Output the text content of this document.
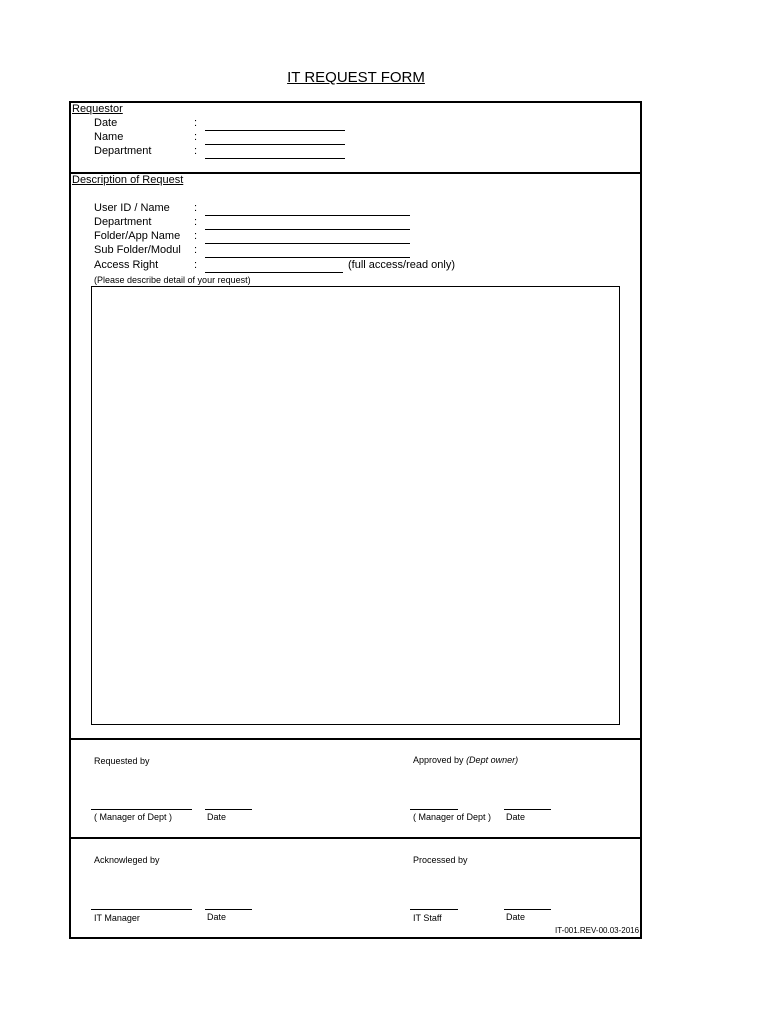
IT REQUEST FORM
Requestor
Date	:
Name	:
Department	:
Description of Request
User ID / Name :
Department	:
Folder/App Name :
Sub Folder/Modul :
Access Right	:	(full access/read only)
(Please describe detail of your request)
Requested by	Approved by (Dept owner)
( Manager of Dept )	Date	( Manager of Dept ) Date
Acknowleged by	Processed by
IT Manager	Date	IT Staff	Date
IT-001.REV-00.03-2016
